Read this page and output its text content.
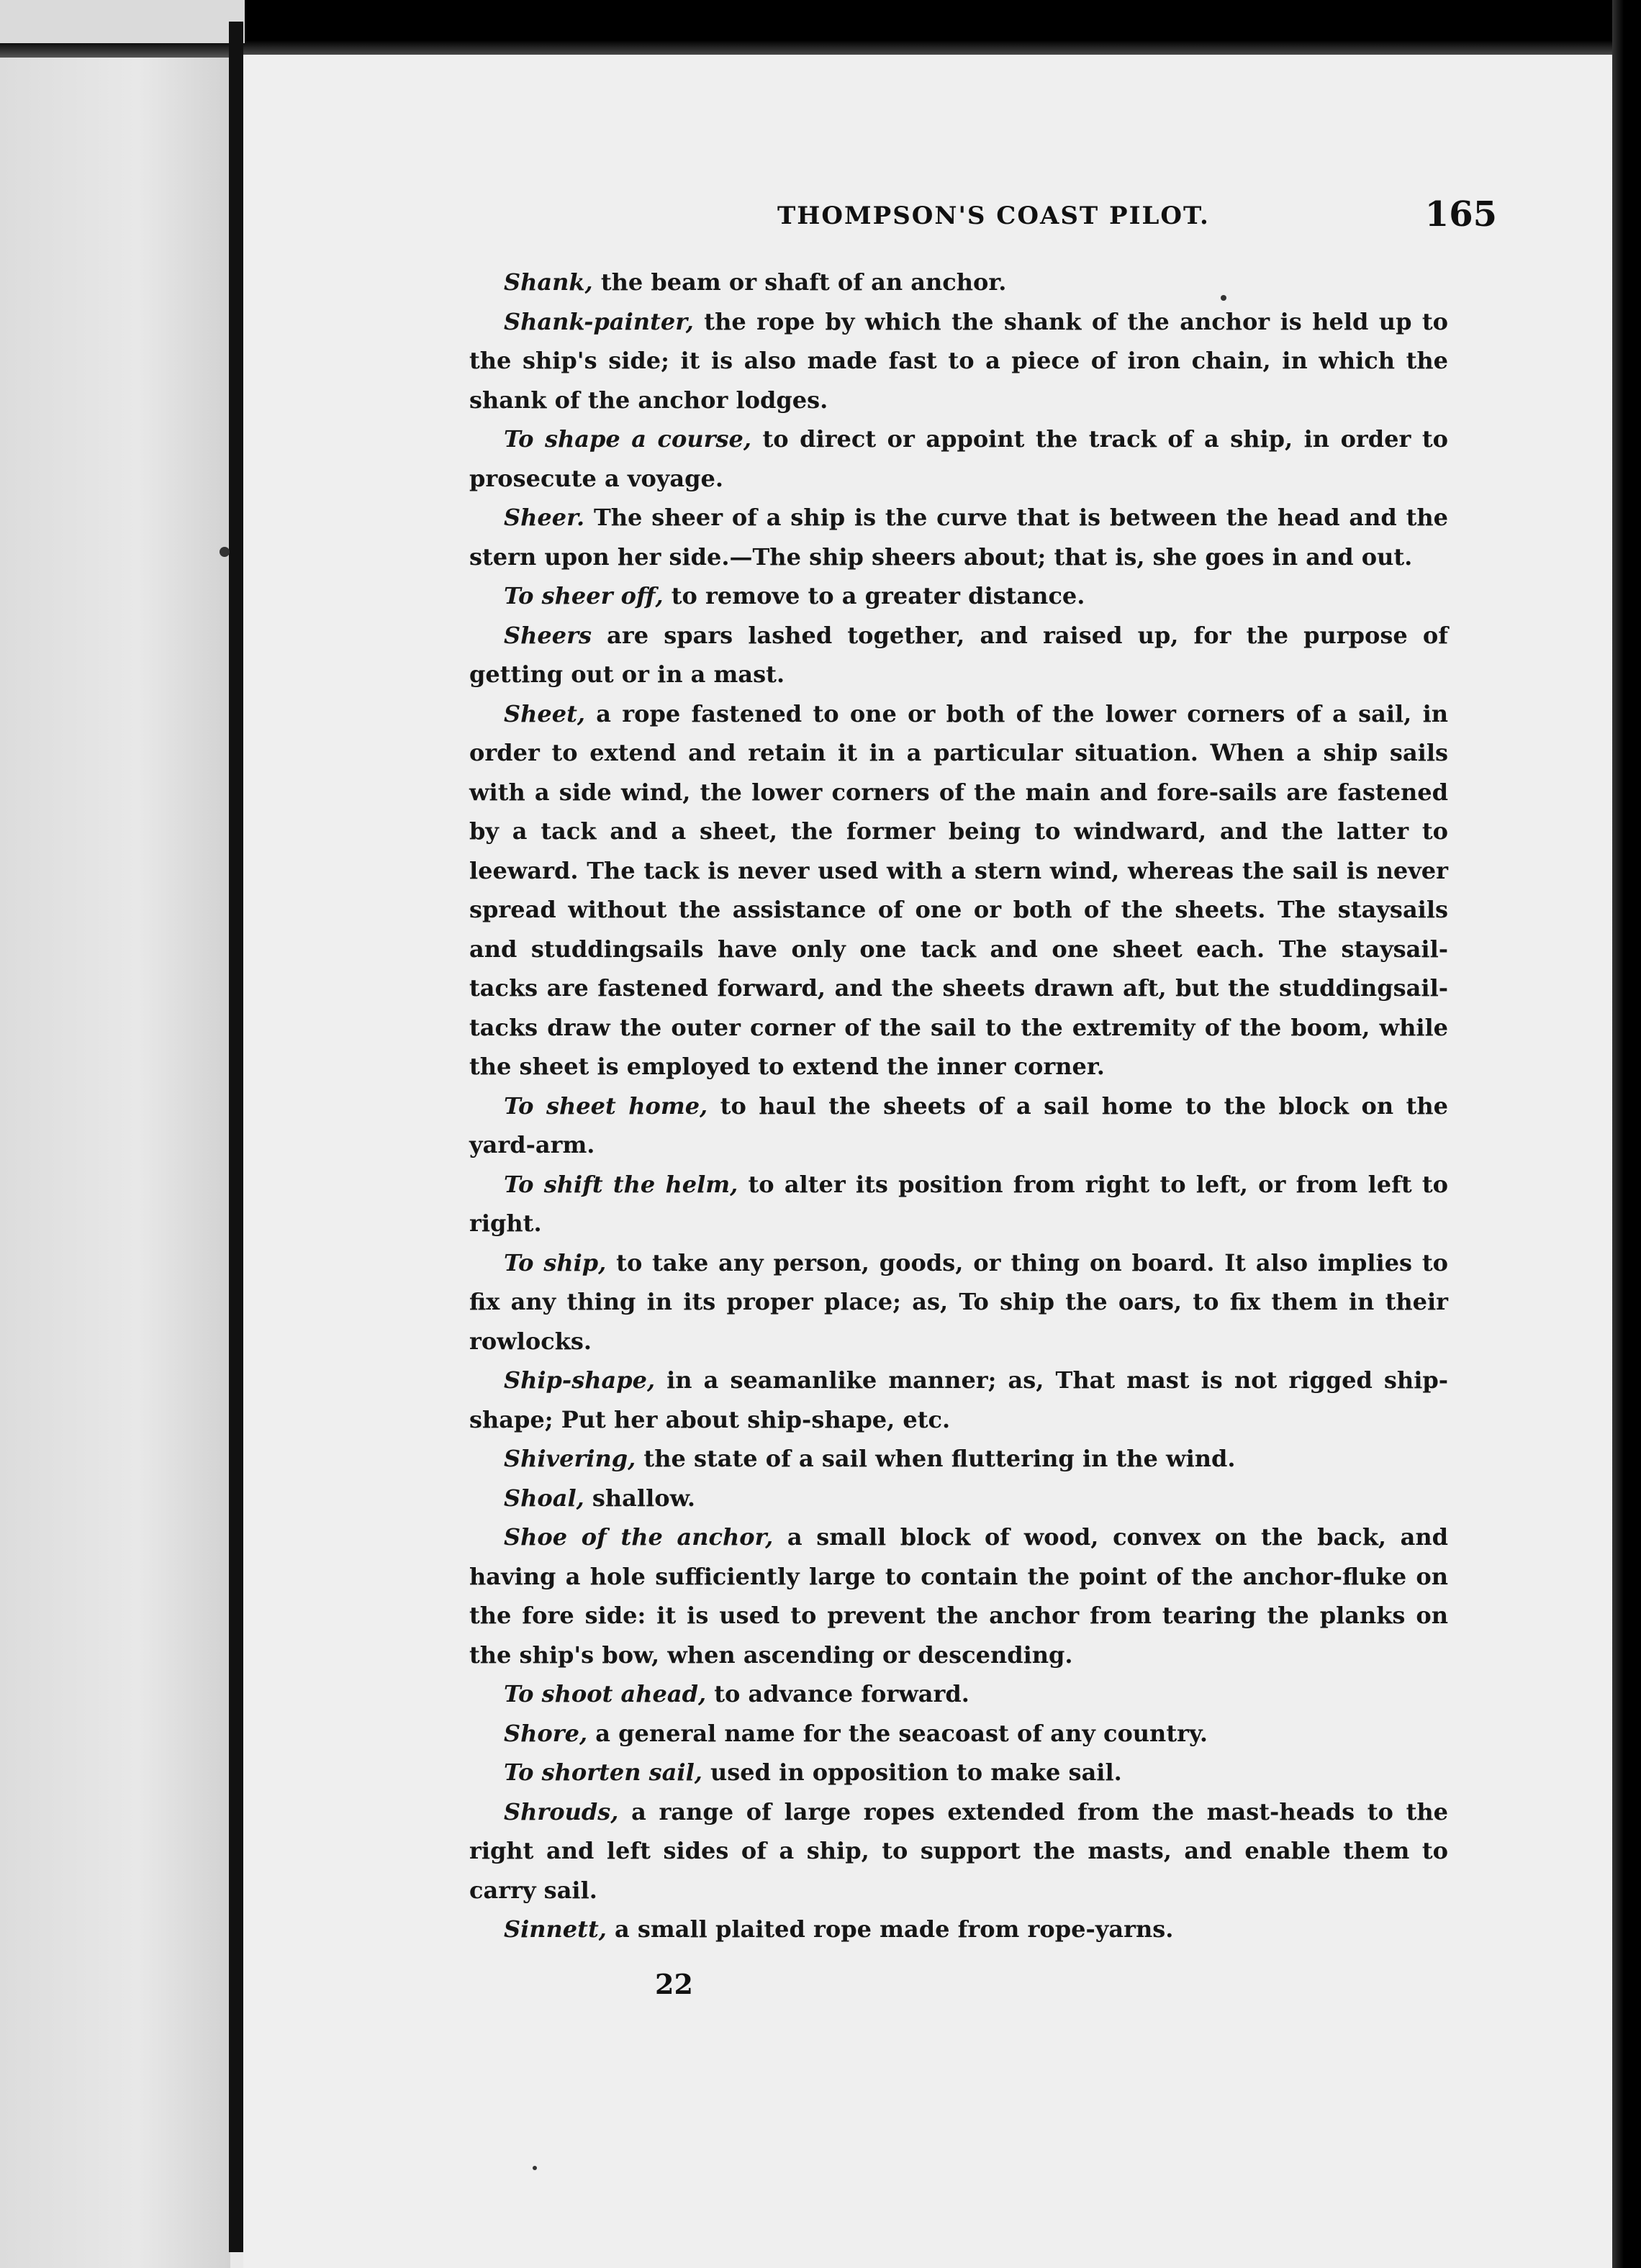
THOMPSON'S COAST PILOT.	165

Shank, the beam or shaft of an anchor.

Shank-painter, the rope by which the shank of the anchor is held up to the ship's side; it is also made fast to a piece of iron chain, in which the shank of the anchor lodges.

To shape a course, to direct or appoint the track of a ship, in order to prosecute a voyage.

Sheer. The sheer of a ship is the curve that is between the head and the stern upon her side.—The ship sheers about; that is, she goes in and out.

To sheer off, to remove to a greater distance.

Sheers are spars lashed together, and raised up, for the purpose of getting out or in a mast.

Sheet, a rope fastened to one or both of the lower corners of a sail, in order to extend and retain it in a particular situation. When a ship sails with a side wind, the lower corners of the main and fore-sails are fastened by a tack and a sheet, the former being to windward, and the latter to leeward. The tack is never used with a stern wind, whereas the sail is never spread without the assistance of one or both of the sheets. The staysails and studdingsails have only one tack and one sheet each. The staysail-tacks are fastened forward, and the sheets drawn aft, but the studdingsail-tacks draw the outer corner of the sail to the extremity of the boom, while the sheet is employed to extend the inner corner.

To sheet home, to haul the sheets of a sail home to the block on the yard-arm.

To shift the helm, to alter its position from right to left, or from left to right.

To ship, to take any person, goods, or thing on board. It also implies to fix any thing in its proper place; as, To ship the oars, to fix them in their rowlocks.

Ship-shape, in a seamanlike manner; as, That mast is not rigged ship-shape; Put her about ship-shape, etc.

Shivering, the state of a sail when fluttering in the wind.

Shoal, shallow.

Shoe of the anchor, a small block of wood, convex on the back, and having a hole sufficiently large to contain the point of the anchor-fluke on the fore side: it is used to prevent the anchor from tearing the planks on the ship's bow, when ascending or descending.

To shoot ahead, to advance forward.

Shore, a general name for the seacoast of any country.

To shorten sail, used in opposition to make sail.

Shrouds, a range of large ropes extended from the mast-heads to the right and left sides of a ship, to support the masts, and enable them to carry sail.

Sinnett, a small plaited rope made from rope-yarns.

22
